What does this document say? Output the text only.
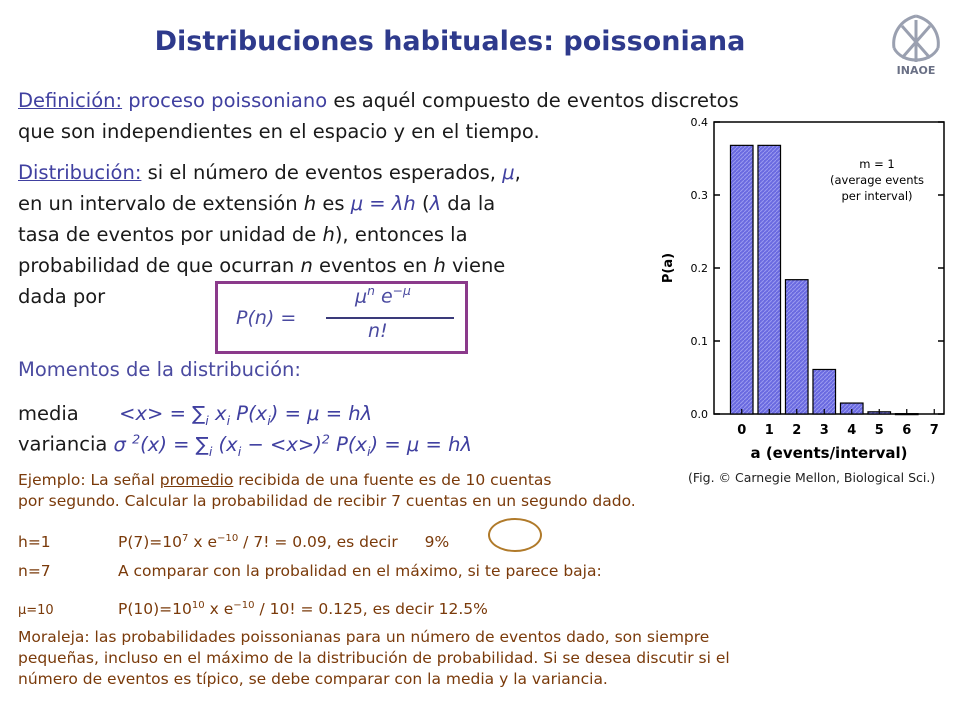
Distribuciones habituales: poissoniana
INAOE
Definición: proceso poissoniano es aquél compuesto de eventos discretos
que son independientes en el espacio y en el tiempo.
Distribución: si el número de eventos esperados, μ,
en un intervalo de extensión h es μ = λh (λ da la
tasa de eventos por unidad de h), entonces la
probabilidad de que ocurran n eventos en h viene
dada por
P(n) =
$\mu^n$ $e^{-\mu}$
n!
Momentos de la distribución:
media $<x> = \sum_i$ $x_i$ $P(x_i) = \mu = h\lambda$
variancia σ $^2(x) = \sum_i$ $(x_i - <x>)^2$ $P(x_i) = \mu = h\lambda$
Ejemplo: La señal promedio recibida de una fuente es de 10 cuentas
por segundo. Calcular la probabilidad de recibir 7 cuentas en un segundo dado.
h=1	$P(7)=10^7$ x $e^{-10} / 7$! = 0.09, es decir 9%
n=7	A comparar con la probalidad en el máximo, si te parece baja:
μ=10	$P(10)=10^{10}$ x $e^{-10} / 10$! = 0.125, es decir 12.5%
Moraleja: las probabilidades poissonianas para un número de eventos dado, son siempre
pequeñas, incluso en el máximo de la distribución de probabilidad. Si se desea discutir si el
número de eventos es típico, se debe comparar con la media y la variancia.
0.0
0.1
0.2
0.3
0.4
0 1 2 3 4 5 6 7
a (events/interval)
P(a)
m = 1
(average events
per interval)
(Fig. © Carnegie Mellon, Biological Sci.)
